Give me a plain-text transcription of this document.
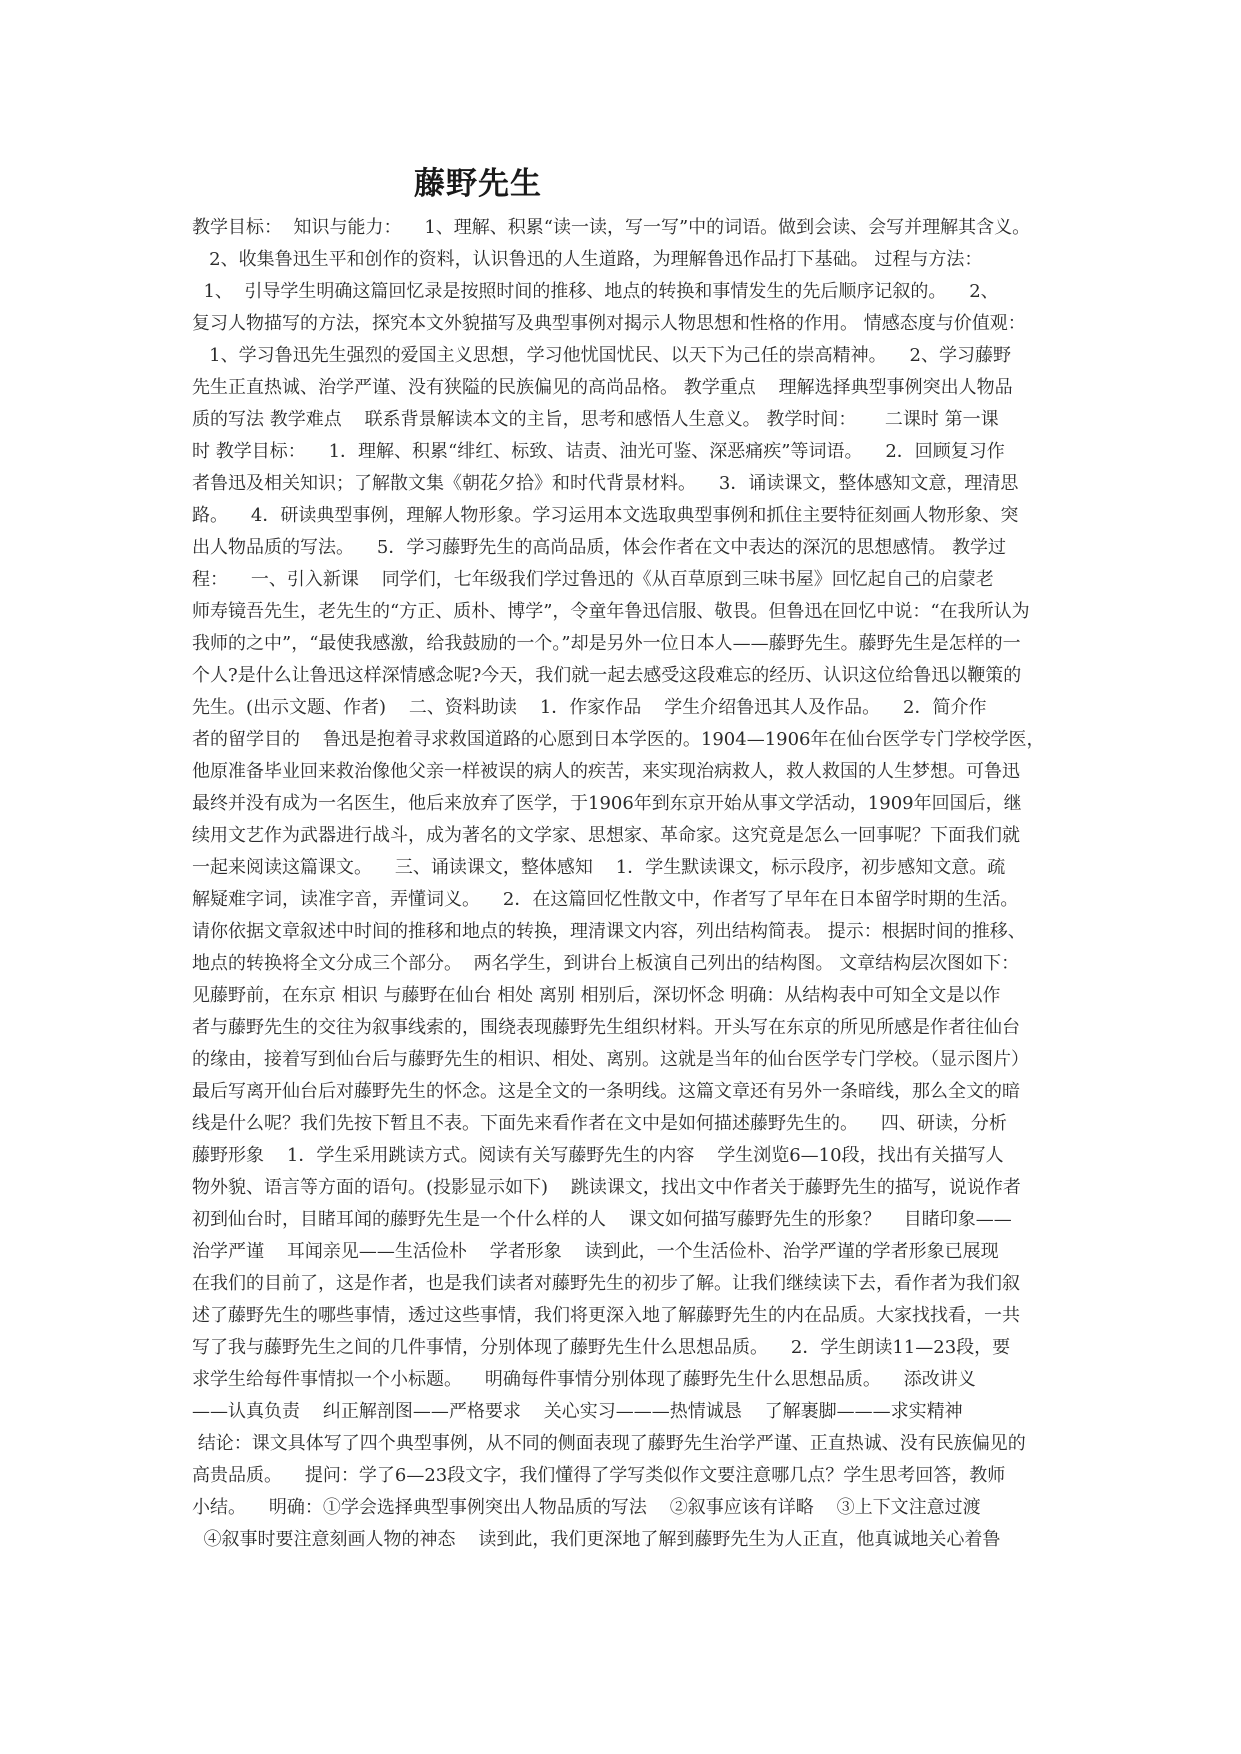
藤野先生
教学目标：  知识与能力：    1、理解、积累“读一读，写一写”中的词语。做到会读、会写并理解其含义。
2、收集鲁迅生平和创作的资料，认识鲁迅的人生道路，为理解鲁迅作品打下基础。 过程与方法：
1、  引导学生明确这篇回忆录是按照时间的推移、地点的转换和事情发生的先后顺序记叙的。    2、
复习人物描写的方法，探究本文外貌描写及典型事例对揭示人物思想和性格的作用。 情感态度与价值观：
1、学习鲁迅先生强烈的爱国主义思想，学习他忧国忧民、以天下为己任的崇高精神。    2、学习藤野
先生正直热诚、治学严谨、没有狭隘的民族偏见的高尚品格。 教学重点    理解选择典型事例突出人物品
质的写法 教学难点    联系背景解读本文的主旨，思考和感悟人生意义。 教学时间：     二课时 第一课
时 教学目标：    1．理解、积累“绯红、标致、诘责、油光可鉴、深恶痛疾”等词语。    2．回顾复习作
者鲁迅及相关知识；了解散文集《朝花夕拾》和时代背景材料。    3．诵读课文，整体感知文意，理清思
路。    4．研读典型事例，理解人物形象。学习运用本文选取典型事例和抓住主要特征刻画人物形象、突
出人物品质的写法。    5．学习藤野先生的高尚品质，体会作者在文中表达的深沉的思想感情。 教学过
程：    一、引入新课    同学们，七年级我们学过鲁迅的《从百草原到三味书屋》回忆起自己的启蒙老
师寿镜吾先生，老先生的“方正、质朴、博学”，令童年鲁迅信服、敬畏。但鲁迅在回忆中说：“在我所认为
我师的之中”，“最使我感激，给我鼓励的一个。”却是另外一位日本人——藤野先生。藤野先生是怎样的一
个人?是什么让鲁迅这样深情感念呢?今天，我们就一起去感受这段难忘的经历、认识这位给鲁迅以鞭策的
先生。(出示文题、作者)    二、资料助读    1．作家作品    学生介绍鲁迅其人及作品。    2．简介作
者的留学目的    鲁迅是抱着寻求救国道路的心愿到日本学医的。1904—1906年在仙台医学专门学校学医，
他原准备毕业回来救治像他父亲一样被误的病人的疾苦，来实现治病救人，救人救国的人生梦想。可鲁迅
最终并没有成为一名医生，他后来放弃了医学，于1906年到东京开始从事文学活动，1909年回国后，继
续用文艺作为武器进行战斗，成为著名的文学家、思想家、革命家。这究竟是怎么一回事呢？下面我们就
一起来阅读这篇课文。    三、诵读课文，整体感知    1．学生默读课文，标示段序，初步感知文意。疏
解疑难字词，读准字音，弄懂词义。    2．在这篇回忆性散文中，作者写了早年在日本留学时期的生活。
请你依据文章叙述中时间的推移和地点的转换，理清课文内容，列出结构简表。 提示：根据时间的推移、
地点的转换将全文分成三个部分。  两名学生，到讲台上板演自己列出的结构图。 文章结构层次图如下：
见藤野前，在东京 相识 与藤野在仙台 相处 离别 相别后，深切怀念 明确：从结构表中可知全文是以作
者与藤野先生的交往为叙事线索的，围绕表现藤野先生组织材料。开头写在东京的所见所感是作者往仙台
的缘由，接着写到仙台后与藤野先生的相识、相处、离别。这就是当年的仙台医学专门学校。（显示图片）
最后写离开仙台后对藤野先生的怀念。这是全文的一条明线。这篇文章还有另外一条暗线，那么全文的暗
线是什么呢？我们先按下暂且不表。下面先来看作者在文中是如何描述藤野先生的。    四、研读，分析
藤野形象    1．学生采用跳读方式。阅读有关写藤野先生的内容    学生浏览6—10段，找出有关描写人
物外貌、语言等方面的语句。(投影显示如下)    跳读课文，找出文中作者关于藤野先生的描写，说说作者
初到仙台时，目睹耳闻的藤野先生是一个什么样的人    课文如何描写藤野先生的形象？    目睹印象——
治学严谨    耳闻亲见——生活俭朴    学者形象    读到此，一个生活俭朴、治学严谨的学者形象已展现
在我们的目前了，这是作者，也是我们读者对藤野先生的初步了解。让我们继续读下去，看作者为我们叙
述了藤野先生的哪些事情，透过这些事情，我们将更深入地了解藤野先生的内在品质。大家找找看，一共
写了我与藤野先生之间的几件事情，分别体现了藤野先生什么思想品质。    2．学生朗读11—23段，要
求学生给每件事情拟一个小标题。    明确每件事情分别体现了藤野先生什么思想品质。    添改讲义
——认真负责    纠正解剖图——严格要求    关心实习———热情诚恳    了解裹脚———求实精神
结论：课文具体写了四个典型事例，从不同的侧面表现了藤野先生治学严谨、正直热诚、没有民族偏见的
高贵品质。    提问：学了6—23段文字，我们懂得了学写类似作文要注意哪几点？学生思考回答，教师
小结。    明确：①学会选择典型事例突出人物品质的写法    ②叙事应该有详略    ③上下文注意过渡
④叙事时要注意刻画人物的神态    读到此，我们更深地了解到藤野先生为人正直，他真诚地关心着鲁
